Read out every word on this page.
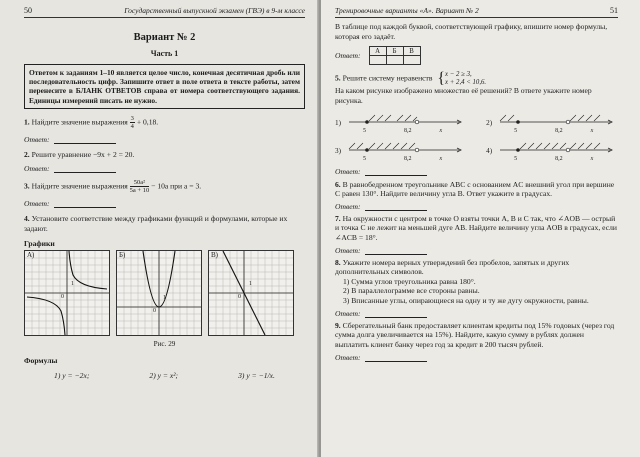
50	Государственный выпускной экзамен (ГВЭ) в 9-м классе
Вариант № 2
Часть 1
Ответом к заданиям 1–10 является целое число, конечная десятичная дробь или последовательность цифр. Запишите ответ в поле ответа в тексте работы, затем перенесите в БЛАНК ОТВЕТОВ справа от номера соответствующего задания. Единицы измерений писать не нужно.
1. Найдите значение выражения $\frac{3}{4} + 0,18$.
Ответ:
2. Решите уравнение −9x + 2 = 20.
Ответ:
3. Найдите значение выражения $\frac{\text{50a²}}{5a + 10} - 10a$ при a = 3.
Ответ:
4. Установите соответствие между графиками функций и формулами, которые их задают.
Графики
А)
0
1
Б)
0
1
В)
0
1
Рис. 29
Формулы
1) y = −2x;	2) y = x²;	3) y = −1/x.
Тренировочные варианты «А». Вариант № 2	51
В таблице под каждой буквой, соответствующей графику, впишите номер формулы, которая его задаёт.
Ответ: А	Б	В

5. Решите систему неравенств { x − 2 ≥ 3,
x + 2,4 < 10,6.
На каком рисунке изображено множество её решений? В ответе укажите номер рисунка.
1)
5	8,2	x
2)
5	8,2	x
3)
5	8,2	x
4)
5	8,2	x
Ответ:
6. В равнобедренном треугольнике ABC с основанием AC внешний угол при вершине C равен 130°. Найдите величину угла B. Ответ укажите в градусах.
Ответ:
7. На окружности с центром в точке O взяты точки A, B и C так, что ∠AOB — острый и точка C не лежит на меньшей дуге AB. Найдите величину угла AOB в градусах, если ∠ACB = 18°.
Ответ:
8. Укажите номера верных утверждений без пробелов, запятых и других дополнительных символов.
1) Сумма углов треугольника равна 180°.
2) В параллелограмме все стороны равны.
3) Вписанные углы, опирающиеся на одну и ту же дугу окружности, равны.
Ответ:
9. Сберегательный банк предоставляет клиентам кредиты под 15% годовых (через год сумма долга увеличивается на 15%). Найдите, какую сумму в рублях должен выплатить клиент банку через год за кредит в 200 тысяч рублей.
Ответ:
